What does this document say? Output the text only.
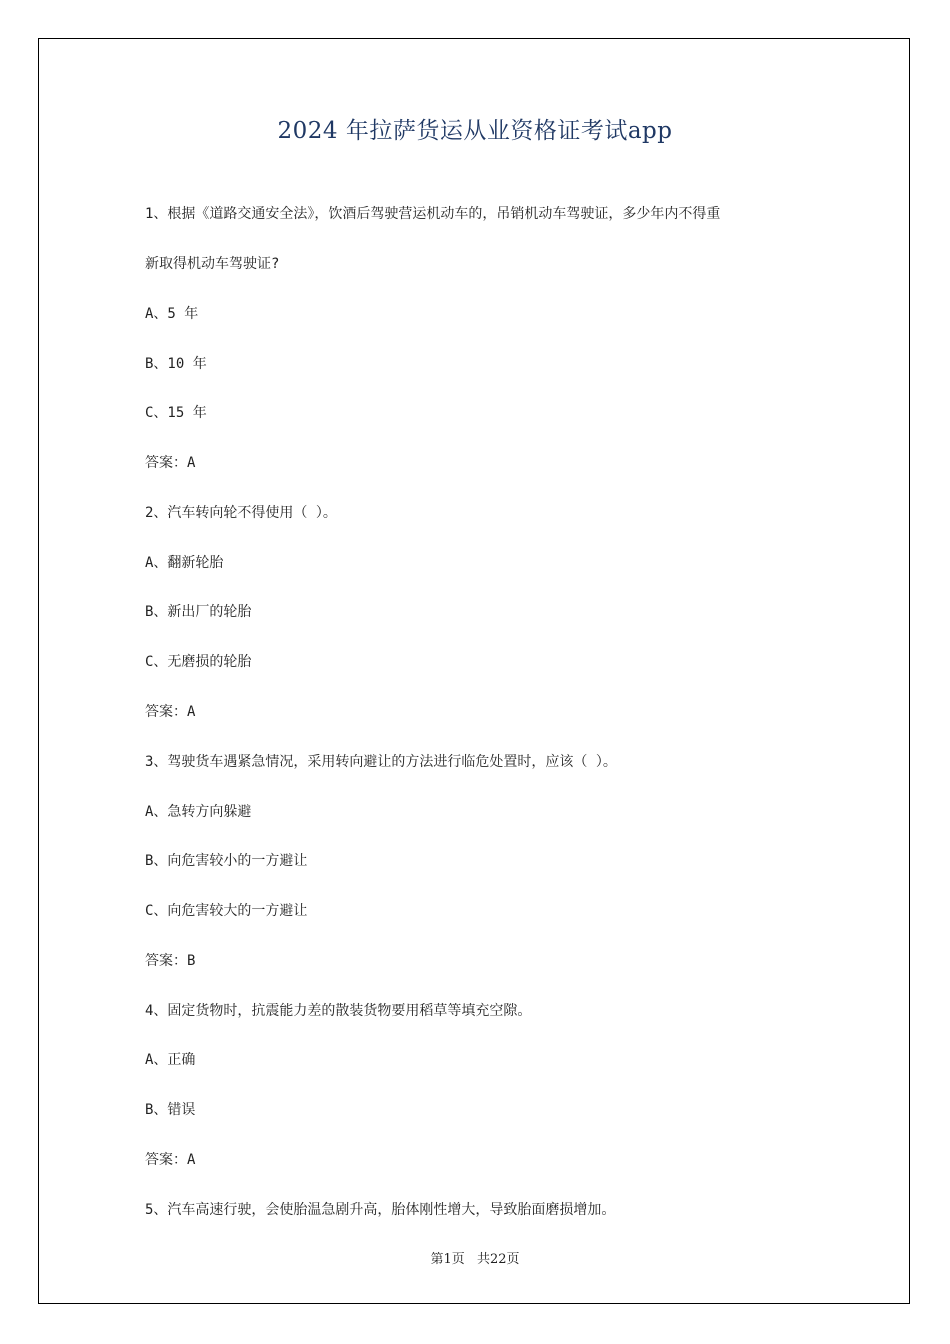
2024 年拉萨货运从业资格证考试app
1、根据《道路交通安全法》，饮酒后驾驶营运机动车的，吊销机动车驾驶证，多少年内不得重
新取得机动车驾驶证?
A、5 年
B、10 年
C、15 年
答案：A
2、汽车转向轮不得使用（ ）。
A、翻新轮胎
B、新出厂的轮胎
C、无磨损的轮胎
答案：A
3、驾驶货车遇紧急情况，采用转向避让的方法进行临危处置时，应该（ ）。
A、急转方向躲避
B、向危害较小的一方避让
C、向危害较大的一方避让
答案：B
4、固定货物时，抗震能力差的散装货物要用稻草等填充空隙。
A、正确
B、错误
答案：A
5、汽车高速行驶，会使胎温急剧升高，胎体刚性增大，导致胎面磨损增加。
第1页 共22页
